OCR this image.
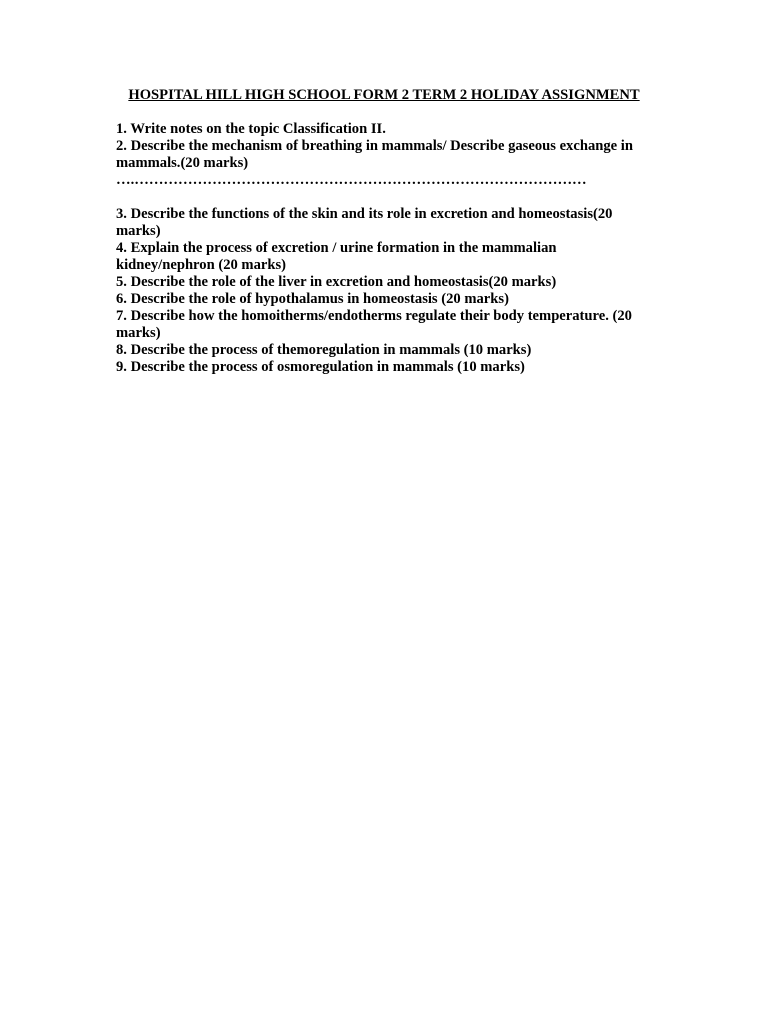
HOSPITAL HILL HIGH SCHOOL FORM 2 TERM 2 HOLIDAY ASSIGNMENT

1. Write notes on the topic Classification II.

2. Describe the mechanism of breathing in mammals/ Describe gaseous exchange in mammals.(20 marks)

….…………………………………………………………………………………

3. Describe the functions of the skin and its role in excretion and homeostasis(20 marks)

4. Explain the process of excretion / urine formation in the mammalian kidney/nephron (20 marks)

5. Describe the role of the liver in excretion and homeostasis(20 marks)

6. Describe the role of hypothalamus in homeostasis (20 marks)

7. Describe how the homoitherms/endotherms regulate their body temperature. (20 marks)

8. Describe the process of themoregulation in mammals (10 marks)

9. Describe the process of osmoregulation in mammals (10 marks)
